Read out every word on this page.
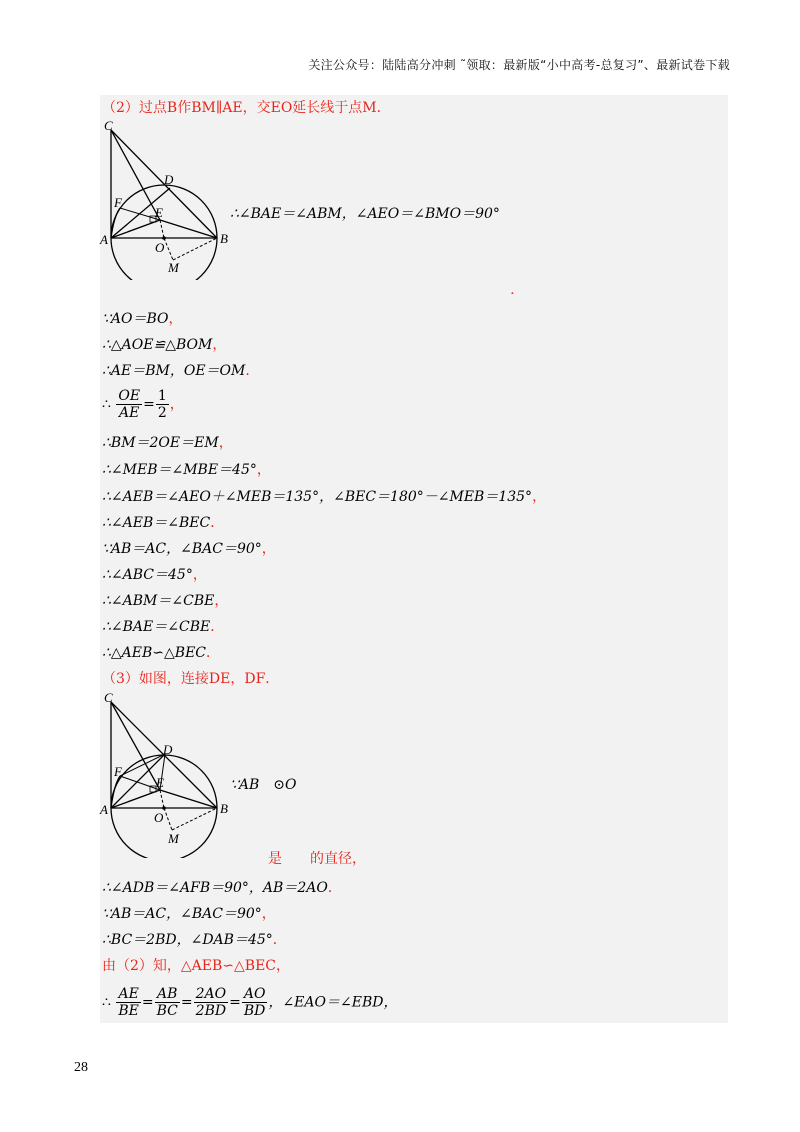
关注公众号：陆陆高分冲刺 ˜领取：最新版“小中高考-总复习”、最新试卷下载
（2）过点B作BM∥AE，交EO延长线于点M．
C
D
F
E
A
O
B
M
∴∠BAE＝∠ABM，∠AEO＝∠BMO＝90°
．
∵AO＝BO，
∴△AOE≌△BOM，
∴AE＝BM，OE＝OM．
∴ $\frac{OE}{AE} = \frac{1}{2}$ ，
∴BM＝2OE＝EM，
∴∠MEB＝∠MBE＝45°，
∴∠AEB＝∠AEO＋∠MEB＝135°，∠BEC＝180°－∠MEB＝135°，
∴∠AEB＝∠BEC．
∵AB＝AC，∠BAC＝90°，
∴∠ABC＝45°，
∴∠ABM＝∠CBE，
∴∠BAE＝∠CBE．
∴△AEB∽△BEC．
（3）如图，连接DE，DF．
C
D
F
E
A
O
B
M
∵AB　⊙O
是　　的直径，
∴∠ADB＝∠AFB＝90°，AB＝2AO．
∵AB＝AC，∠BAC＝90°，
∴BC＝2BD，∠DAB＝45°．
由（2）知，△AEB∽△BEC，
∴ $\frac{AE}{BE} = \frac{AB}{BC} = \frac{2AO}{2BD} = \frac{AO}{BD}$ ，∠EAO＝∠EBD，
28
